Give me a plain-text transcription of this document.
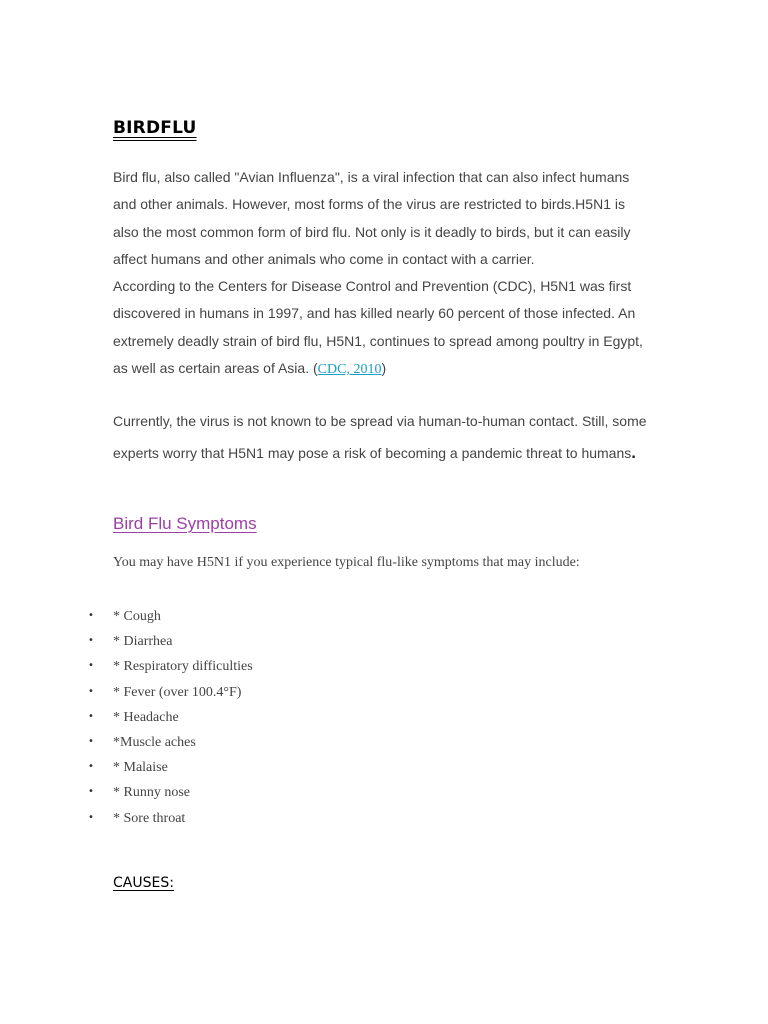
BIRDFLU
Bird flu, also called "Avian Influenza", is a viral infection that can also infect humans
and other animals. However, most forms of the virus are restricted to birds.H5N1 is
also the most common form of bird flu. Not only is it deadly to birds, but it can easily
affect humans and other animals who come in contact with a carrier.
According to the Centers for Disease Control and Prevention (CDC), H5N1 was first
discovered in humans in 1997, and has killed nearly 60 percent of those infected. An
extremely deadly strain of bird flu, H5N1, continues to spread among poultry in Egypt,
as well as certain areas of Asia. (CDC, 2010)
Currently, the virus is not known to be spread via human-to-human contact. Still, some
experts worry that H5N1 may pose a risk of becoming a pandemic threat to humans.
Bird Flu Symptoms
You may have H5N1 if you experience typical flu-like symptoms that may include:
• * Cough
• * Diarrhea
• * Respiratory difficulties
• * Fever (over 100.4°F)
• * Headache
• *Muscle aches
• * Malaise
• * Runny nose
• * Sore throat
CAUSES:
